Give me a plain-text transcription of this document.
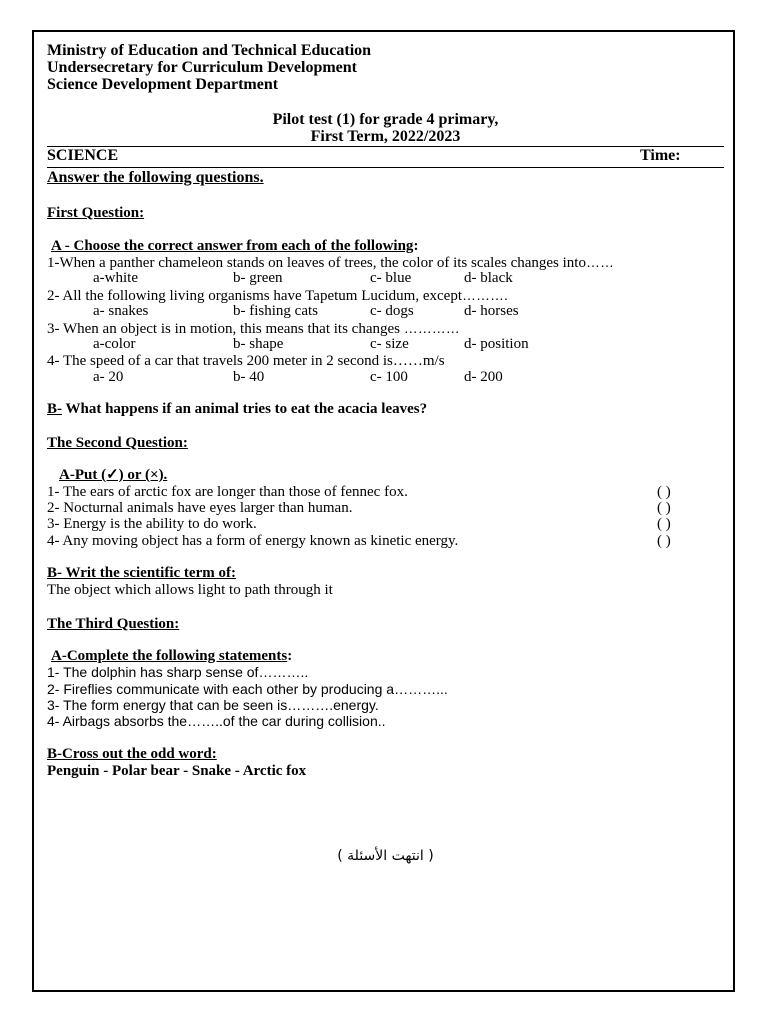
Ministry of Education and Technical Education
Undersecretary for Curriculum Development
Science Development Department
Pilot test (1) for grade 4 primary,
First Term, 2022/2023
SCIENCE	Time:
Answer the following questions.
First Question:
A - Choose the correct answer from each of the following:
1-When a panther chameleon stands on leaves of trees, the color of its scales changes into……
a-white	b- green	c- blue	d- black
2- All the following living organisms have Tapetum Lucidum, except……….
a- snakes	b- fishing cats	c- dogs	d- horses
3- When an object is in motion, this means that its changes …………
a-color	b- shape	c- size	d- position
4- The speed of a car that travels 200 meter in 2 second is……m/s
a- 20	b- 40	c- 100	d- 200
B- What happens if an animal tries to eat the acacia leaves?
The Second Question:
A-Put (✓) or (×).
1- The ears of arctic fox are longer than those of fennec fox.	( )
2- Nocturnal animals have eyes larger than human.	( )
3- Energy is the ability to do work.	( )
4- Any moving object has a form of energy known as kinetic energy.	( )
B- Writ the scientific term of:
The object which allows light to path through it
The Third Question:
A-Complete the following statements:
1- The dolphin has sharp sense of………..
2- Fireflies communicate with each other by producing a………...
3- The form energy that can be seen is……….energy.
4- Airbags absorbs the……..of the car during collision..
B-Cross out the odd word:
Penguin - Polar bear - Snake - Arctic fox
( انتهت الأسئلة )
